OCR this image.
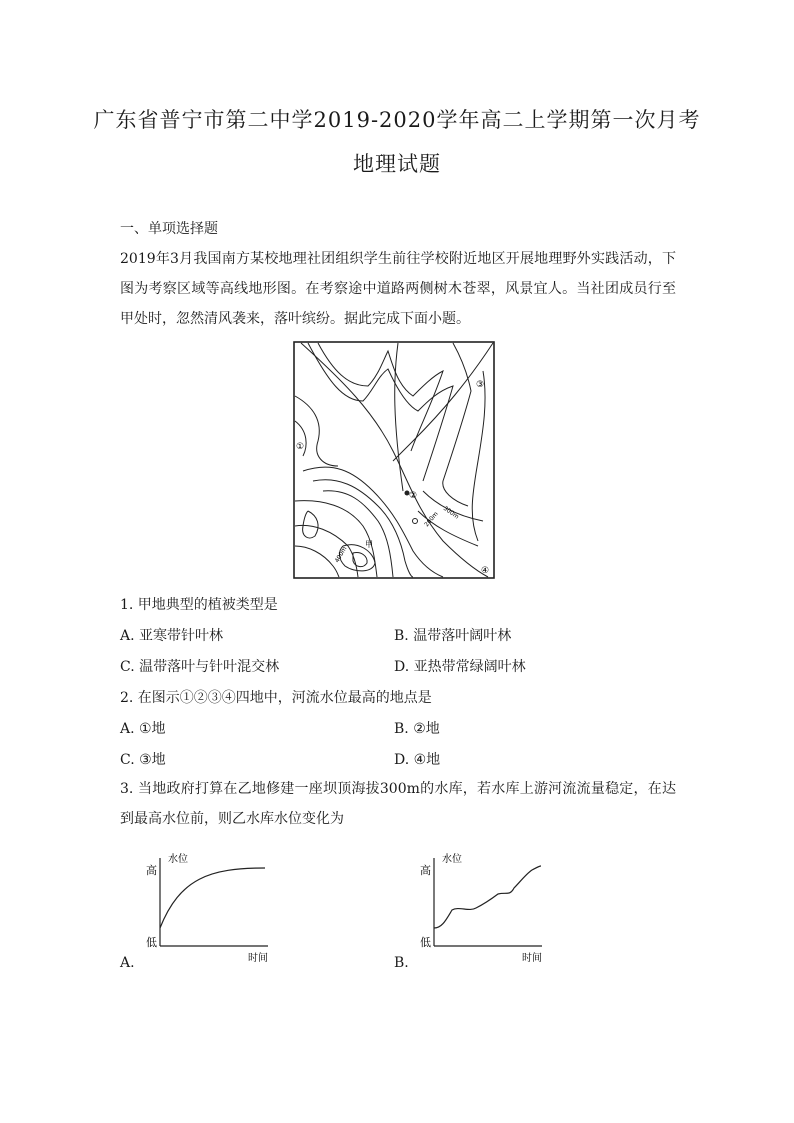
广东省普宁市第二中学2019-2020学年高二上学期第一次月考
地理试题
一、单项选择题
2019年3月我国南方某校地理社团组织学生前往学校附近地区开展地理野外实践活动，下图为考察区域等高线地形图。在考察途中道路两侧树木苍翠，风景宜人。当社团成员行至甲处时，忽然清风袭来，落叶缤纷。据此完成下面小题。
③
①
②
④
甲
300m
200m
400m
1. 甲地典型的植被类型是
A. 亚寒带针叶林	B. 温带落叶阔叶林
C. 温带落叶与针叶混交林	D. 亚热带常绿阔叶林
2. 在图示①②③④四地中，河流水位最高的地点是
A. ①地	B. ②地
C. ③地	D. ④地
3. 当地政府打算在乙地修建一座坝顶海拔300m的水库，若水库上游河流流量稳定，在达到最高水位前，则乙水库水位变化为
水位
高
低
时间
A.
水位
高
低
时间
B.
